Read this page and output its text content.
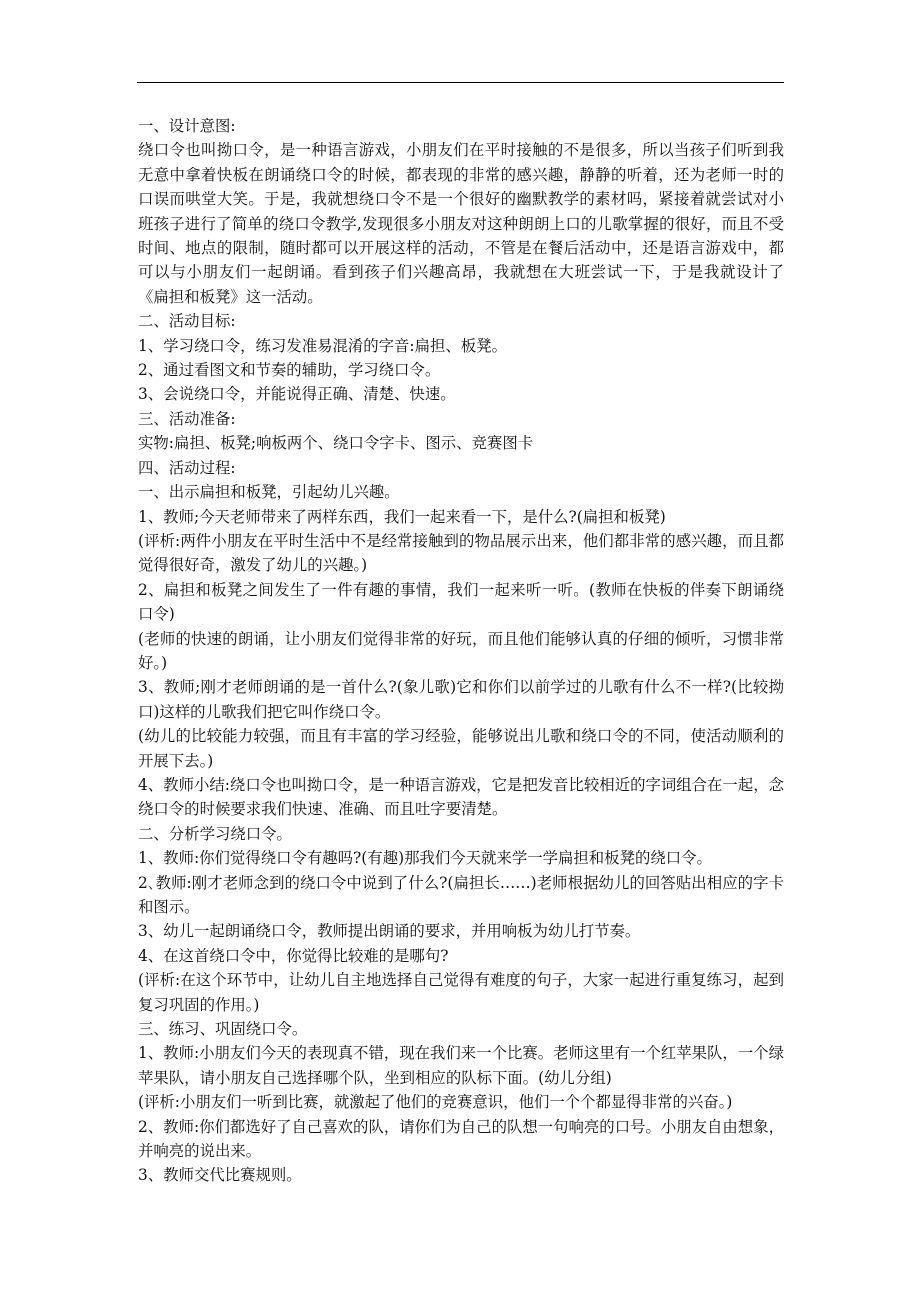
一、设计意图:

绕口令也叫拗口令，是一种语言游戏，小朋友们在平时接触的不是很多，所以当孩子们听到我无意中拿着快板在朗诵绕口令的时候，都表现的非常的感兴趣，静静的听着，还为老师一时的口误而哄堂大笑。于是，我就想绕口令不是一个很好的幽默教学的素材吗，紧接着就尝试对小班孩子进行了简单的绕口令教学,发现很多小朋友对这种朗朗上口的儿歌掌握的很好，而且不受时间、地点的限制，随时都可以开展这样的活动，不管是在餐后活动中，还是语言游戏中，都可以与小朋友们一起朗诵。看到孩子们兴趣高昂，我就想在大班尝试一下，于是我就设计了《扁担和板凳》这一活动。

二、活动目标:

1、学习绕口令，练习发准易混淆的字音:扁担、板凳。

2、通过看图文和节奏的辅助，学习绕口令。

3、会说绕口令，并能说得正确、清楚、快速。

三、活动准备:

实物:扁担、板凳;响板两个、绕口令字卡、图示、竞赛图卡

四、活动过程:

一、出示扁担和板凳，引起幼儿兴趣。

1、教师;今天老师带来了两样东西，我们一起来看一下，是什么?(扁担和板凳)

(评析:两件小朋友在平时生活中不是经常接触到的物品展示出来，他们都非常的感兴趣，而且都觉得很好奇，激发了幼儿的兴趣。)

2、扁担和板凳之间发生了一件有趣的事情，我们一起来听一听。(教师在快板的伴奏下朗诵绕口令)

(老师的快速的朗诵，让小朋友们觉得非常的好玩，而且他们能够认真的仔细的倾听，习惯非常好。)

3、教师;刚才老师朗诵的是一首什么?(象儿歌)它和你们以前学过的儿歌有什么不一样?(比较拗口)这样的儿歌我们把它叫作绕口令。

(幼儿的比较能力较强，而且有丰富的学习经验，能够说出儿歌和绕口令的不同，使活动顺利的开展下去。)

4、教师小结:绕口令也叫拗口令，是一种语言游戏，它是把发音比较相近的字词组合在一起，念绕口令的时候要求我们快速、准确、而且吐字要清楚。

二、分析学习绕口令。

1、教师:你们觉得绕口令有趣吗?(有趣)那我们今天就来学一学扁担和板凳的绕口令。

2､教师:刚才老师念到的绕口令中说到了什么?(扁担长……)老师根据幼儿的回答贴出相应的字卡和图示。

3、幼儿一起朗诵绕口令，教师提出朗诵的要求，并用响板为幼儿打节奏。

4、在这首绕口令中，你觉得比较难的是哪句?

(评析:在这个环节中，让幼儿自主地选择自己觉得有难度的句子，大家一起进行重复练习，起到复习巩固的作用。)

三、练习、巩固绕口令。

1、教师:小朋友们今天的表现真不错，现在我们来一个比赛。老师这里有一个红苹果队，一个绿苹果队，请小朋友自己选择哪个队，坐到相应的队标下面。(幼儿分组)

(评析:小朋友们一听到比赛，就激起了他们的竞赛意识，他们一个个都显得非常的兴奋。)

2、教师:你们都选好了自己喜欢的队，请你们为自己的队想一句响亮的口号。小朋友自由想象，并响亮的说出来。

3、教师交代比赛规则。
